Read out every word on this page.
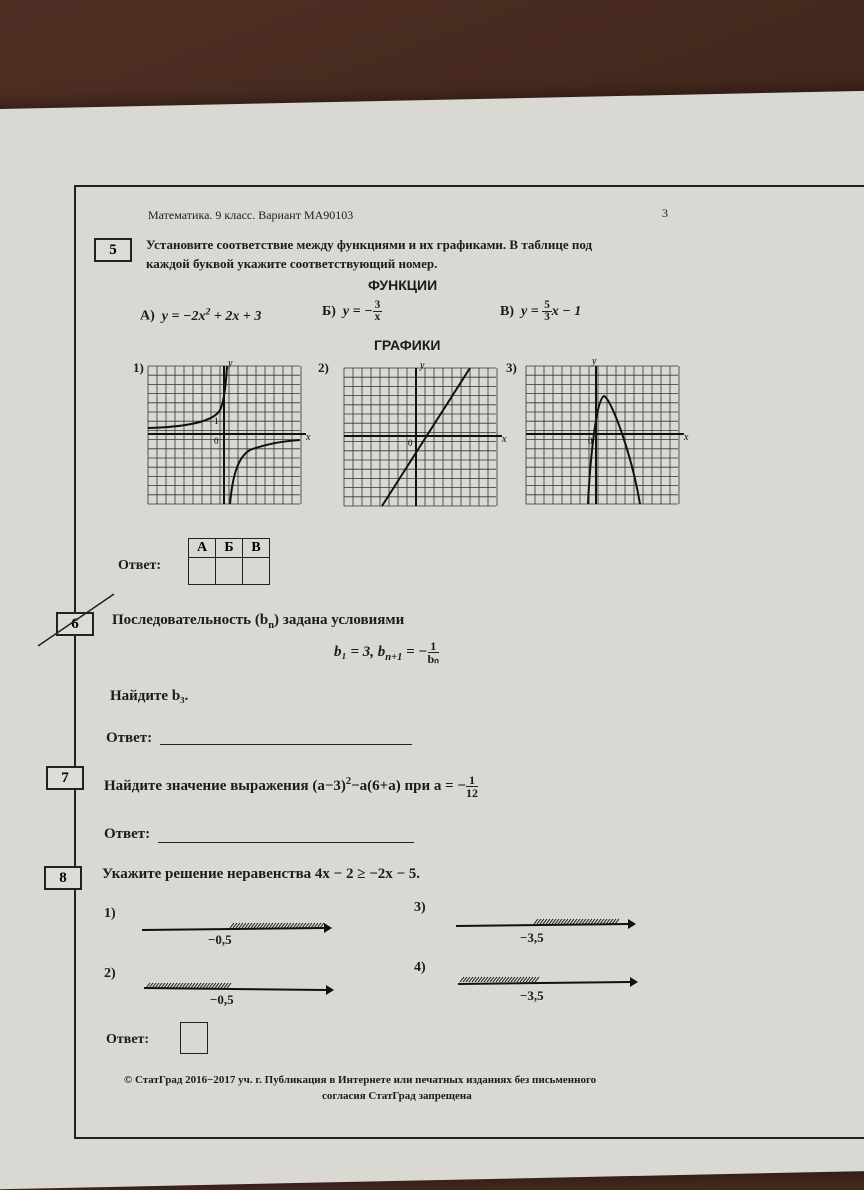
Математика. 9 класс. Вариант МА90103	3
5	Установите соответствие между функциями и их графиками. В таблице под
каждой буквой укажите соответствующий номер.
ФУНКЦИИ
А) $y = -2x^2 + 2x + 3$	Б) y = − $\frac{3}{x}$	В) $y = \frac{5}{3}$ x − 1
ГРАФИКИ
1)	2)	3)
x
y
0
1
x
y
0	x
y
0
Ответ:
А	Б	В

6	Последовательность $(b_n)$ задана условиями
b₁ = 3, $b_{n+1}$ = − $\frac{1}{\text{bₙ}}$
Найдите b₃.
Ответ:
7	Найдите значение выражения $(a-3)^2-a(6+a)$ при a = − $\frac{1}{12}$
Ответ:
8	Укажите решение неравенства 4x − 2 ≥ −2x − 5.
1)
−0,5
2)
−0,5
3)
−3,5
4)
−3,5
Ответ:
© СтатГрад 2016−2017 уч. г. Публикация в Интернете или печатных изданиях без письменного
согласия СтатГрад запрещена
